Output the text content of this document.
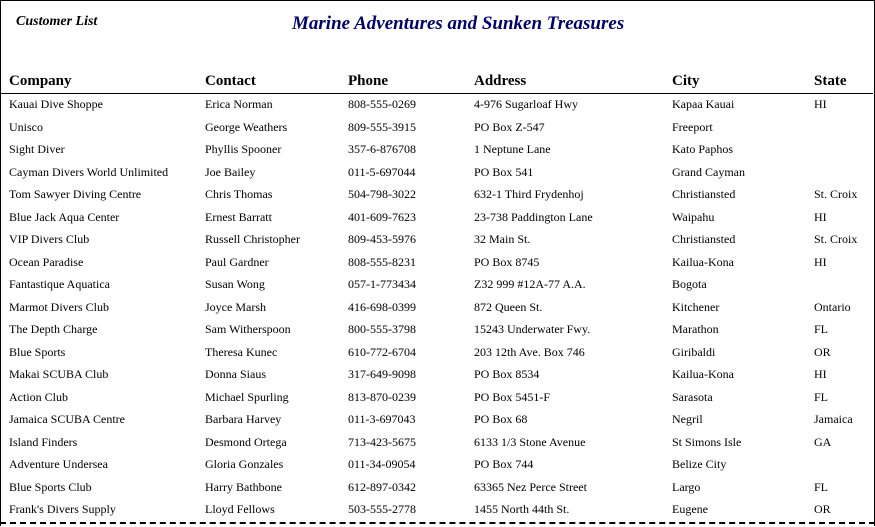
Customer List	Marine Adventures and Sunken Treasures
Company	Contact	Phone	Address	City	State
Kauai Dive Shoppe	Erica Norman	808-555-0269	4-976 Sugarloaf Hwy	Kapaa Kauai	HI
Unisco	George Weathers	809-555-3915	PO Box Z-547	Freeport
Sight Diver	Phyllis Spooner	357-6-876708	1 Neptune Lane	Kato Paphos
Cayman Divers World Unlimited	Joe Bailey	011-5-697044	PO Box 541	Grand Cayman
Tom Sawyer Diving Centre	Chris Thomas	504-798-3022	632-1 Third Frydenhoj	Christiansted	St. Croix
Blue Jack Aqua Center	Ernest Barratt	401-609-7623	23-738 Paddington Lane	Waipahu	HI
VIP Divers Club	Russell Christopher	809-453-5976	32 Main St.	Christiansted	St. Croix
Ocean Paradise	Paul Gardner	808-555-8231	PO Box 8745	Kailua-Kona	HI
Fantastique Aquatica	Susan Wong	057-1-773434	Z32 999 #12A-77 A.A.	Bogota
Marmot Divers Club	Joyce Marsh	416-698-0399	872 Queen St.	Kitchener	Ontario
The Depth Charge	Sam Witherspoon	800-555-3798	15243 Underwater Fwy.	Marathon	FL
Blue Sports	Theresa Kunec	610-772-6704	203 12th Ave. Box 746	Giribaldi	OR
Makai SCUBA Club	Donna Siaus	317-649-9098	PO Box 8534	Kailua-Kona	HI
Action Club	Michael Spurling	813-870-0239	PO Box 5451-F	Sarasota	FL
Jamaica SCUBA Centre	Barbara Harvey	011-3-697043	PO Box 68	Negril	Jamaica
Island Finders	Desmond Ortega	713-423-5675	6133 1/3 Stone Avenue	St Simons Isle	GA
Adventure Undersea	Gloria Gonzales	011-34-09054	PO Box 744	Belize City
Blue Sports Club	Harry Bathbone	612-897-0342	63365 Nez Perce Street	Largo	FL
Frank's Divers Supply	Lloyd Fellows	503-555-2778	1455 North 44th St.	Eugene	OR
